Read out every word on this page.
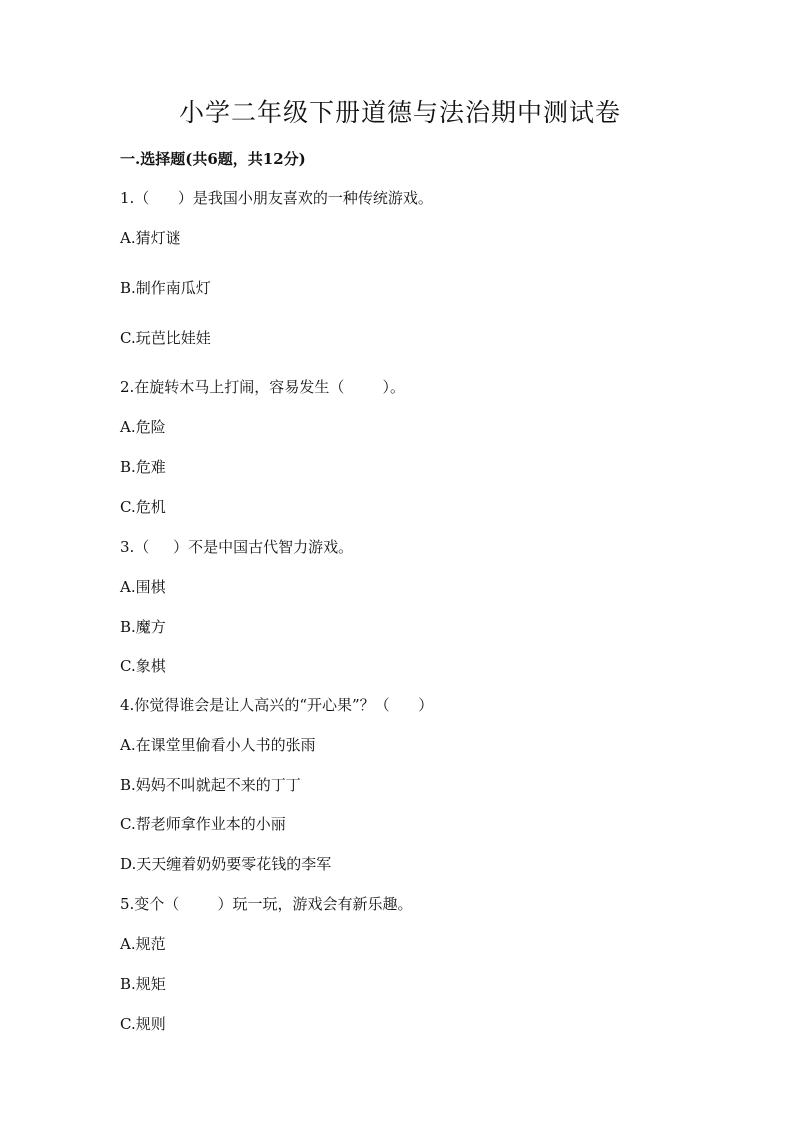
小学二年级下册道德与法治期中测试卷
一.选择题(共6题，共12分)
1.（      ）是我国小朋友喜欢的一种传统游戏。
A.猜灯谜
B.制作南瓜灯
C.玩芭比娃娃
2.在旋转木马上打闹，容易发生（        ）。
A.危险
B.危难
C.危机
3.（     ）不是中国古代智力游戏。
A.围棋
B.魔方
C.象棋
4.你觉得谁会是让人高兴的“开心果”？（      ）
A.在课堂里偷看小人书的张雨
B.妈妈不叫就起不来的丁丁
C.帮老师拿作业本的小丽
D.天天缠着奶奶要零花钱的李军
5.变个（        ）玩一玩，游戏会有新乐趣。
A.规范
B.规矩
C.规则
